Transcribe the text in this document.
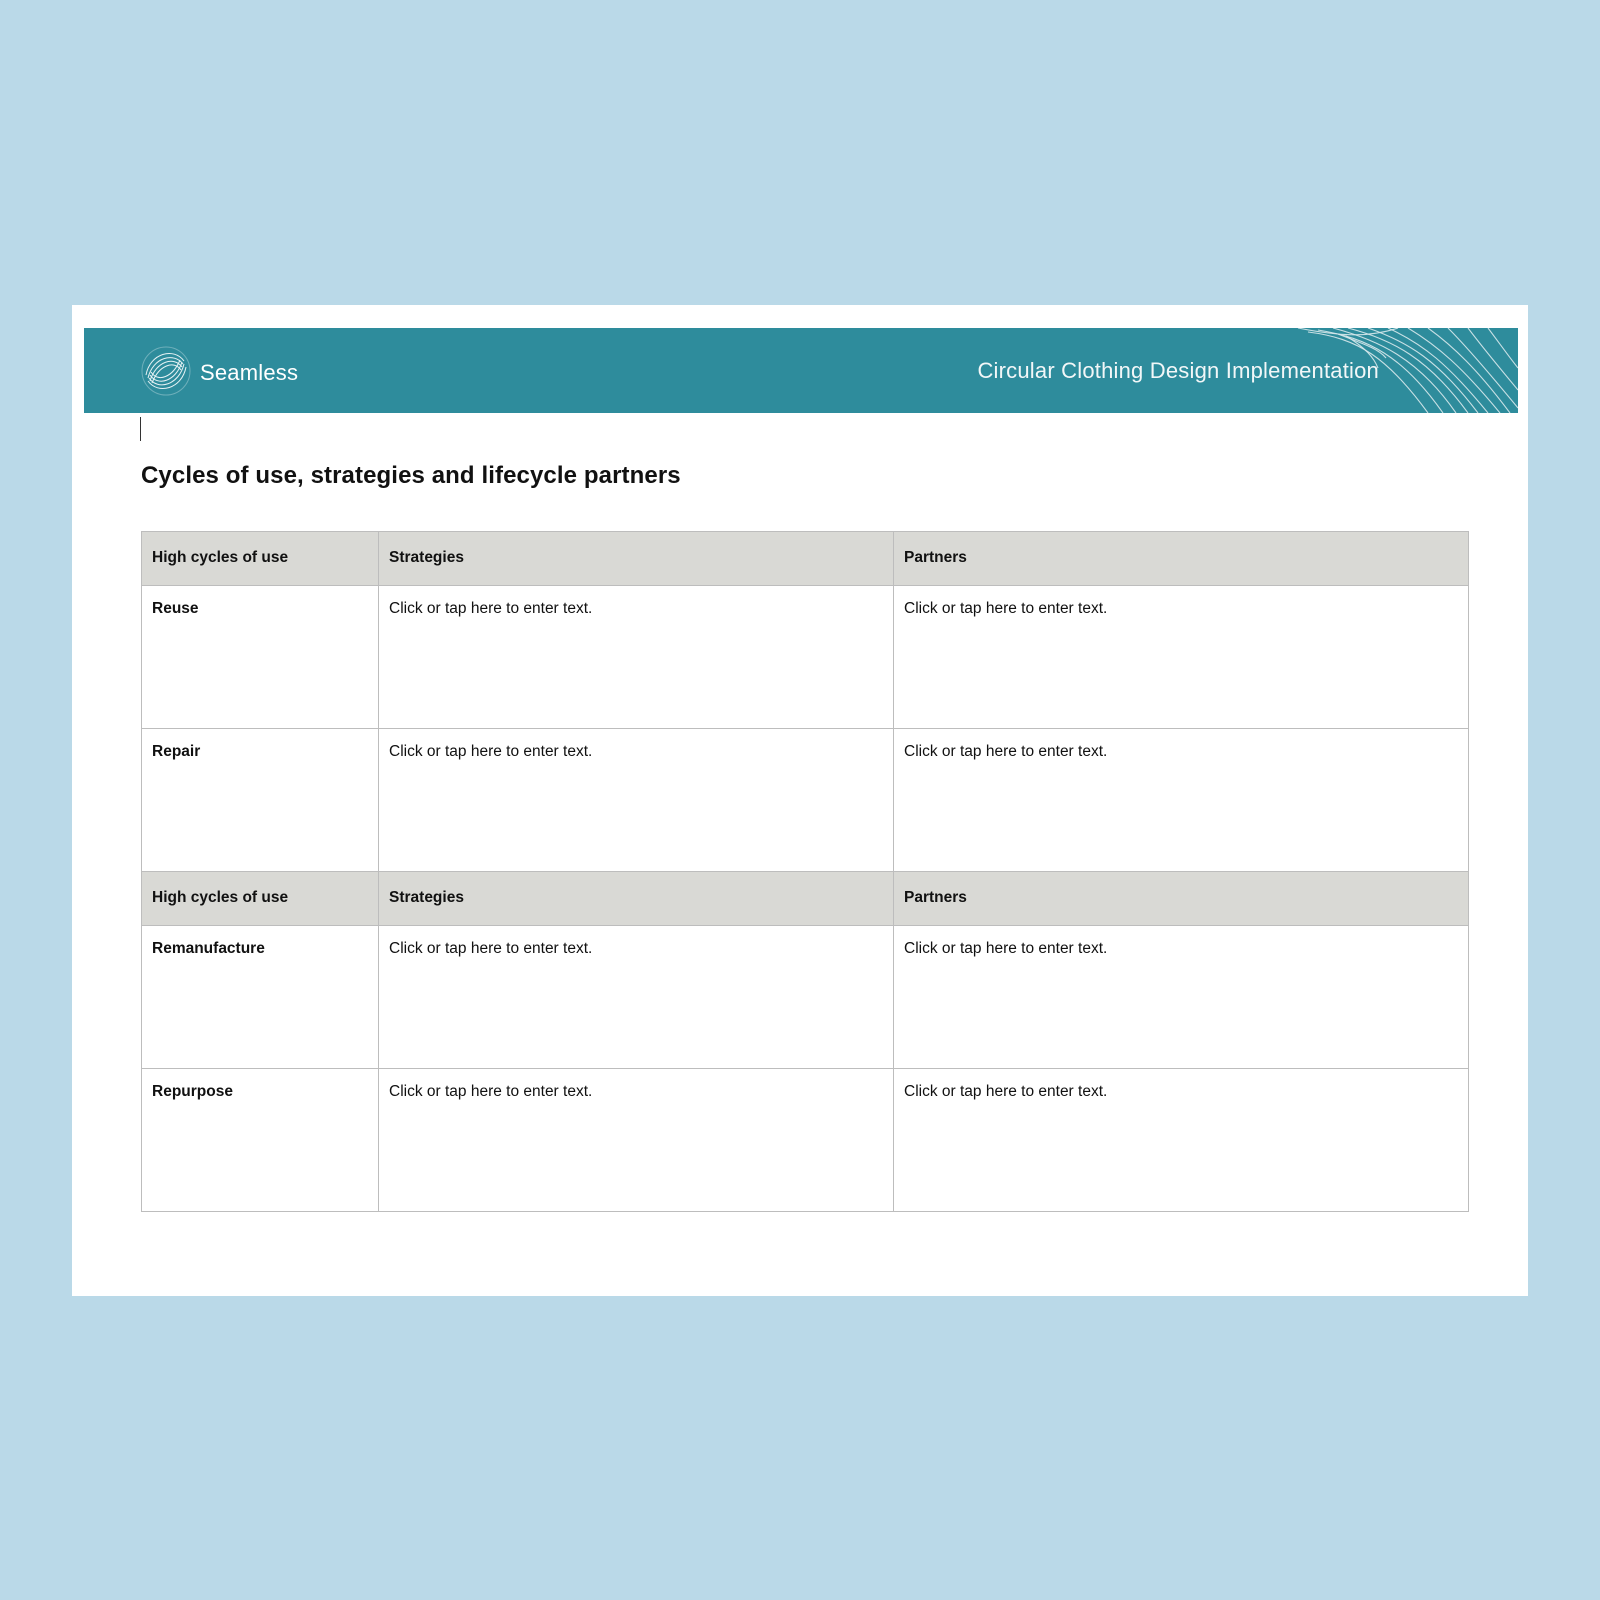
Seamless	Circular Clothing Design Implementation
Cycles of use, strategies and lifecycle partners
High cycles of use	Strategies	Partners
Reuse	Click or tap here to enter text.	Click or tap here to enter text.
Repair	Click or tap here to enter text.	Click or tap here to enter text.
High cycles of use	Strategies	Partners
Remanufacture	Click or tap here to enter text.	Click or tap here to enter text.
Repurpose	Click or tap here to enter text.	Click or tap here to enter text.
